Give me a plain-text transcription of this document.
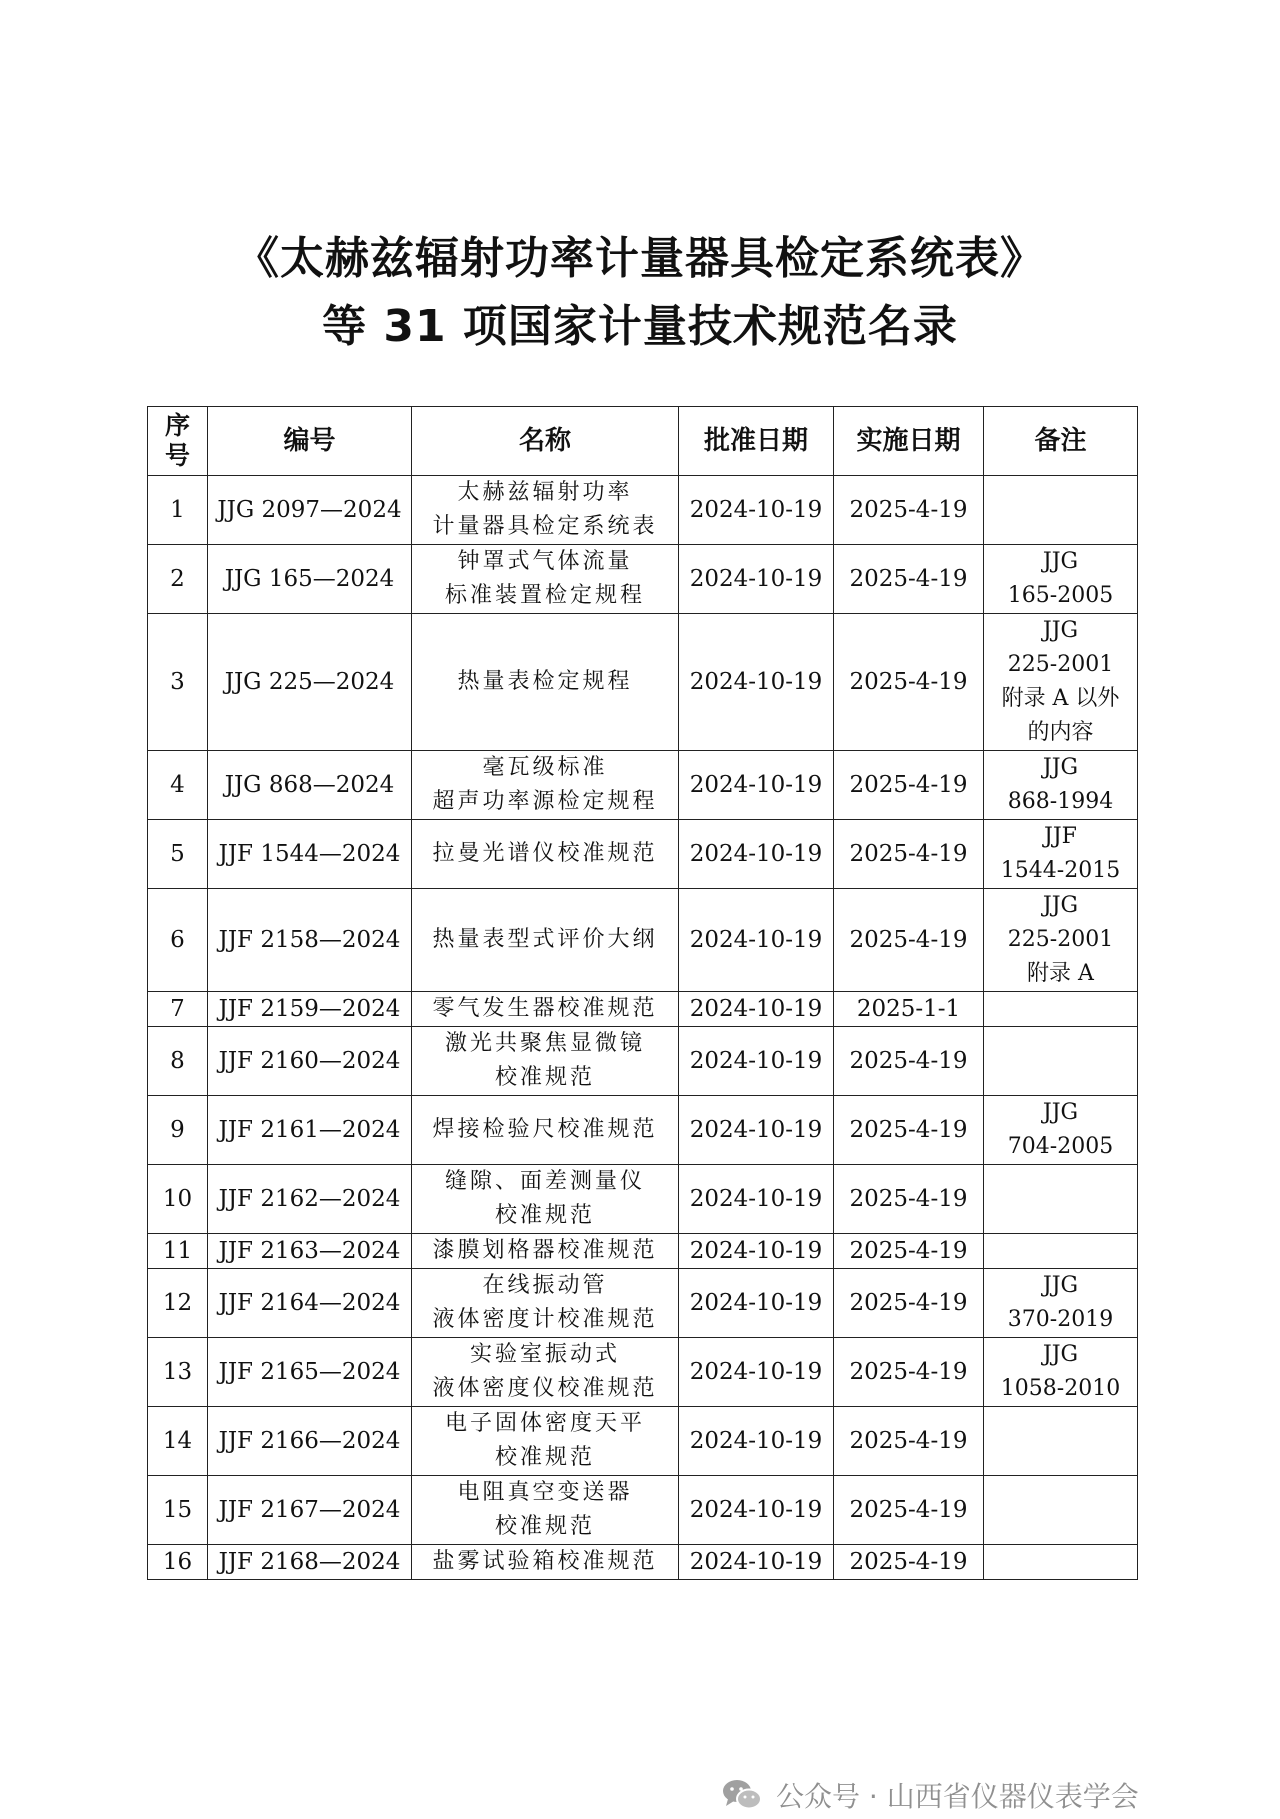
《太赫兹辐射功率计量器具检定系统表》
等 31 项国家计量技术规范名录
序
号	编号	名称	批准日期	实施日期	备注
1	JJG 2097—2024	太赫兹辐射功率
计量器具检定系统表	2024-10-19	2025-4-19	
2	JJG 165—2024	钟罩式气体流量
标准装置检定规程	2024-10-19	2025-4-19	JJG
165-2005

3	JJG 225—2024	热量表检定规程	2024-10-19	2025-4-19	JJG
225-2001
附录 A 以外
的内容

4	JJG 868—2024	毫瓦级标准
超声功率源检定规程	2024-10-19	2025-4-19	JJG
868-1994

5	JJF 1544—2024	拉曼光谱仪校准规范	2024-10-19	2025-4-19	JJF
1544-2015

6	JJF 2158—2024	热量表型式评价大纲	2024-10-19	2025-4-19	JJG
225-2001
附录 A

7	JJF 2159—2024	零气发生器校准规范	2024-10-19	2025-1-1	
8	JJF 2160—2024	激光共聚焦显微镜
校准规范	2024-10-19	2025-4-19	
9	JJF 2161—2024	焊接检验尺校准规范	2024-10-19	2025-4-19	JJG
704-2005

10	JJF 2162—2024	缝隙、面差测量仪
校准规范	2024-10-19	2025-4-19	
11	JJF 2163—2024	漆膜划格器校准规范	2024-10-19	2025-4-19	
12	JJF 2164—2024	在线振动管
液体密度计校准规范	2024-10-19	2025-4-19	JJG
370-2019

13	JJF 2165—2024	实验室振动式
液体密度仪校准规范	2024-10-19	2025-4-19	JJG
1058-2010

14	JJF 2166—2024	电子固体密度天平
校准规范	2024-10-19	2025-4-19	
15	JJF 2167—2024	电阻真空变送器
校准规范	2024-10-19	2025-4-19	
16	JJF 2168—2024	盐雾试验箱校准规范	2024-10-19	2025-4-19	
公众号 · 山西省仪器仪表学会
